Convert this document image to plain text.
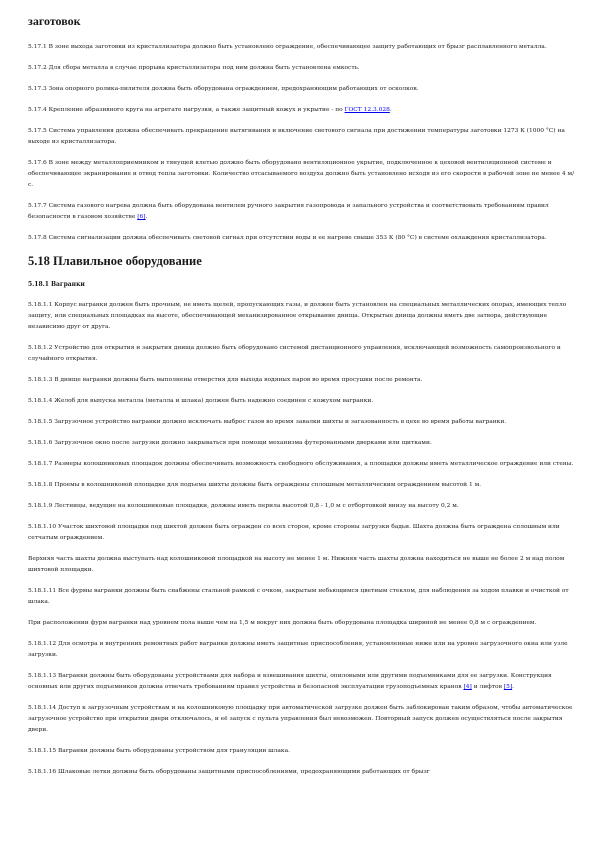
заготовок
5.17.1 В зоне выхода заготовки из кристаллизатора должно быть установлено ограждение, обеспечивающее защиту работающих от брызг расплавленного металла.
5.17.2 Для сбора металла в случае прорыва кристаллизатора под ним должна быть установлена емкость.
5.17.3 Зона опорного ролика-пилителя должна быть оборудована ограждением, предохраняющим работающих от осколков.
5.17.4 Крепление абразивного круга на агрегате нагрузки, а также защитный кожух и укрытие - по ГОСТ 12.3.028.
5.17.5 Система управления должна обеспечивать прекращение вытягивания и включение светового сигнала при достижении температуры заготовки 1273 К (1000 °С) на выходе из кристаллизатора.
5.17.6 В зоне между металлоприемником и тянущей клетью должно быть оборудовано вентиляционное укрытие, подключенное к цеховой вентиляционной системе и обеспечивающее экранирование и отвод тепла заготовки. Количество отсасываемого воздуха должно быть установлено исходя из его скорости в рабочей зоне не менее 4 м/с.
5.17.7 Система газового нагрева должна быть оборудована вентилем ручного закрытия газопровода и запального устройства и соответствовать требованиям правил безопасности в газовом хозяйстве [6].
5.17.8 Система сигнализации должна обеспечивать световой сигнал при отсутствии воды и ее нагреве свыше 353 К (80 °С) в системе охлаждения кристаллизатора.
5.18 Плавильное оборудование
5.18.1 Вагранки
5.18.1.1 Корпус вагранки должен быть прочным, не иметь щелей, пропускающих газы, и должен быть установлен на специальных металлических опорах, имеющих тепло защиту, или специальных площадках на высоте, обеспечивающей механизированное открывание днища. Открытые днища должны иметь две затвора, действующие независимо друг от друга.
5.18.1.2 Устройство для открытия и закрытия днища должно быть оборудовано системой дистанционного управления, исключающей возможность самопроизвольного и случайного открытия.
5.18.1.3 В днище вагранки должны быть выполнены отверстия для выхода водяных паров во время просушки после ремонта.
5.18.1.4 Желоб для выпуска металла (металла и шлака) должен быть надежно соединен с кожухом вагранки.
5.18.1.5 Загрузочное устройство вагранки должно исключать выброс газов во время завалки шихты и загазованность в цехе во время работы вагранки.
5.18.1.6 Загрузочное окно после загрузки должно закрываться при помощи механизма футерованными дверками или щитками.
5.18.1.7 Размеры колошниковых площадок должны обеспечивать возможность свободного обслуживания, а площадки должны иметь металлическое ограждение или стены.
5.18.1.8 Проемы в колошниковой площадке для подъема шихты должны быть ограждены сплошным металлическим ограждением высотой 1 м.
5.18.1.9 Лестницы, ведущие на колошниковые площадки, должны иметь перила высотой 0,8 - 1,0 м с отбортовкой внизу на высоту 0,2 м.
5.18.1.10 Участок шихтовой площадки под шихтой должен быть огражден со всех сторон, кроме стороны загрузки бадьи. Шахта должна быть ограждена сплошным или сетчатым ограждением.
Верхняя часть шахты должна выступать над колошниковой площадкой на высоту не менее 1 м. Нижняя часть шахты должна находиться не выше не более 2 м над полом шихтовой площадки.
5.18.1.11 Все фурмы вагранки должны быть снабжены стальной рамкой с очком, закрытым небьющимся цветным стеклом, для наблюдения за ходом плавки и очисткой от шлака.
При расположении фурм вагранки над уровнем пола выше чем на 1,5 м вокруг них должна быть оборудована площадка шириной не менее 0,8 м с ограждением.
5.18.1.12 Для осмотра и внутренних ремонтных работ вагранки должны иметь защитные приспособления, установленные ниже или на уровне загрузочного окна или узле загрузки.
5.18.1.13 Вагранки должны быть оборудованы устройствами для набора и взвешивания шихты, опиловыми или другими подъемниками для ее загрузки. Конструкция основных или других подъемников должна отвечать требованиям правил устройства и безопасной эксплуатации грузоподъемных кранов [4] и лифтов [5].
5.18.1.14 Доступ к загрузочным устройствам и на колошниковую площадку при автоматической загрузке должен быть заблокирован таким образом, чтобы автоматическое загрузочное устройство при открытии двери отключалось, и её запуск с пульта управления был невозможен. Повторный запуск должен осуществляться после закрытия двери.
5.18.1.15 Вагранки должны быть оборудованы устройством для грануляции шлака.
5.18.1.16 Шлаковые летки должны быть оборудованы защитными приспособлениями, предохраняющими работающих от брызг
